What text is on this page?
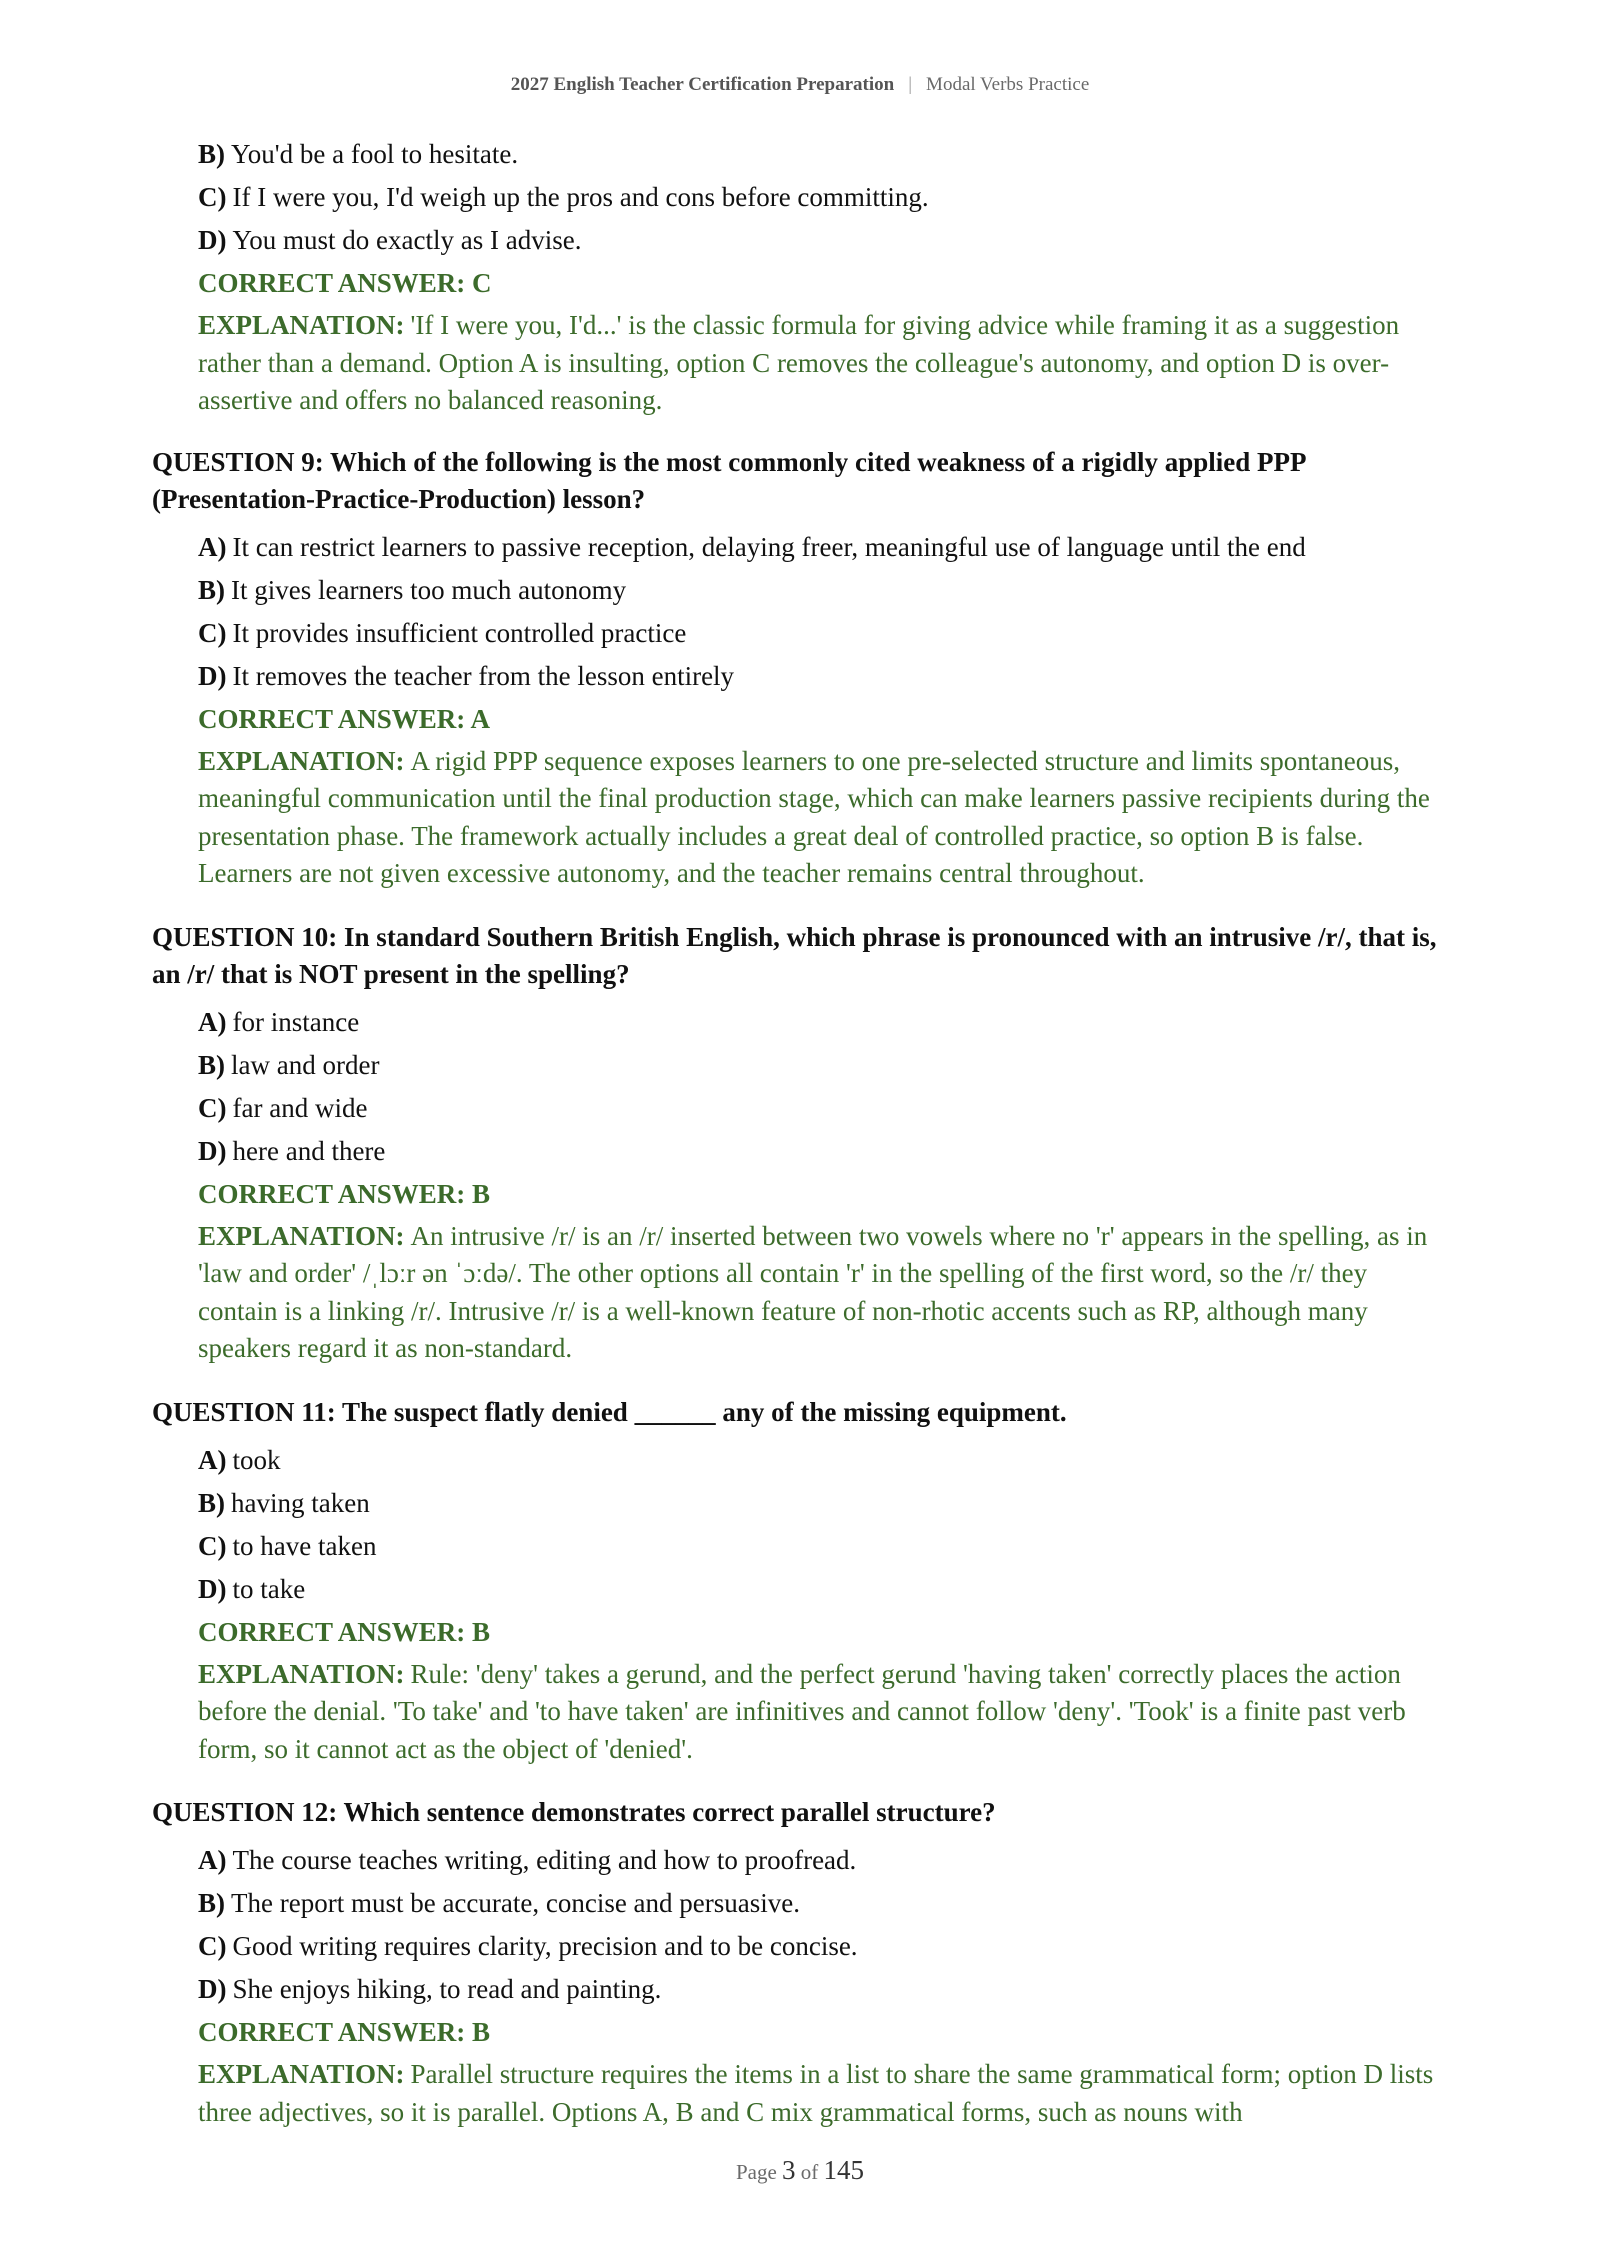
2027 English Teacher Certification Preparation | Modal Verbs Practice
B) You'd be a fool to hesitate.
C) If I were you, I'd weigh up the pros and cons before committing.
D) You must do exactly as I advise.
CORRECT ANSWER: C
EXPLANATION: 'If I were you, I'd...' is the classic formula for giving advice while framing it as a suggestion rather than a demand. Option A is insulting, option C removes the colleague's autonomy, and option D is over-assertive and offers no balanced reasoning.
QUESTION 9: Which of the following is the most commonly cited weakness of a rigidly applied PPP (Presentation-Practice-Production) lesson?
A) It can restrict learners to passive reception, delaying freer, meaningful use of language until the end
B) It gives learners too much autonomy
C) It provides insufficient controlled practice
D) It removes the teacher from the lesson entirely
CORRECT ANSWER: A
EXPLANATION: A rigid PPP sequence exposes learners to one pre-selected structure and limits spontaneous, meaningful communication until the final production stage, which can make learners passive recipients during the presentation phase. The framework actually includes a great deal of controlled practice, so option B is false. Learners are not given excessive autonomy, and the teacher remains central throughout.
QUESTION 10: In standard Southern British English, which phrase is pronounced with an intrusive /r/, that is, an /r/ that is NOT present in the spelling?
A) for instance
B) law and order
C) far and wide
D) here and there
CORRECT ANSWER: B
EXPLANATION: An intrusive /r/ is an /r/ inserted between two vowels where no 'r' appears in the spelling, as in 'law and order' /ˌlɔːr ən ˈɔːdə/. The other options all contain 'r' in the spelling of the first word, so the /r/ they contain is a linking /r/. Intrusive /r/ is a well-known feature of non-rhotic accents such as RP, although many speakers regard it as non-standard.
QUESTION 11: The suspect flatly denied ______ any of the missing equipment.
A) took
B) having taken
C) to have taken
D) to take
CORRECT ANSWER: B
EXPLANATION: Rule: 'deny' takes a gerund, and the perfect gerund 'having taken' correctly places the action before the denial. 'To take' and 'to have taken' are infinitives and cannot follow 'deny'. 'Took' is a finite past verb form, so it cannot act as the object of 'denied'.
QUESTION 12: Which sentence demonstrates correct parallel structure?
A) The course teaches writing, editing and how to proofread.
B) The report must be accurate, concise and persuasive.
C) Good writing requires clarity, precision and to be concise.
D) She enjoys hiking, to read and painting.
CORRECT ANSWER: B
EXPLANATION: Parallel structure requires the items in a list to share the same grammatical form; option D lists three adjectives, so it is parallel. Options A, B and C mix grammatical forms, such as nouns with
Page 3 of 145
